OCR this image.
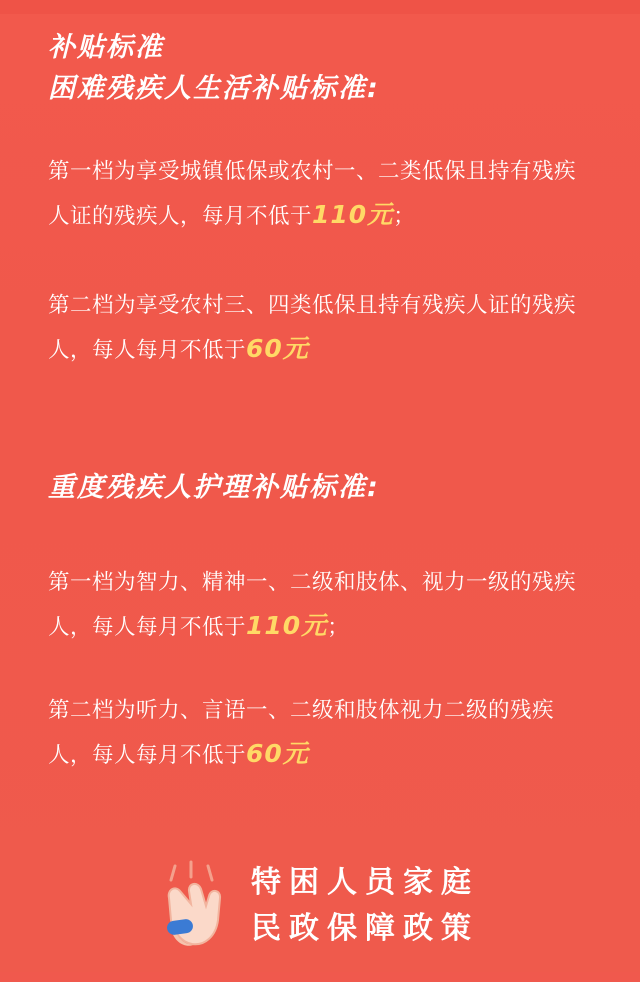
补贴标准
困难残疾人生活补贴标准:

第一档为享受城镇低保或农村一、二类低保且持有残疾人证的残疾人，每月不低于110元；

第二档为享受农村三、四类低保且持有残疾人证的残疾人，每人每月不低于60元

重度残疾人护理补贴标准:

第一档为智力、精神一、二级和肢体、视力一级的残疾人，每人每月不低于110元；

第二档为听力、言语一、二级和肢体视力二级的残疾人，每人每月不低于60元

特困人员家庭
民政保障政策
